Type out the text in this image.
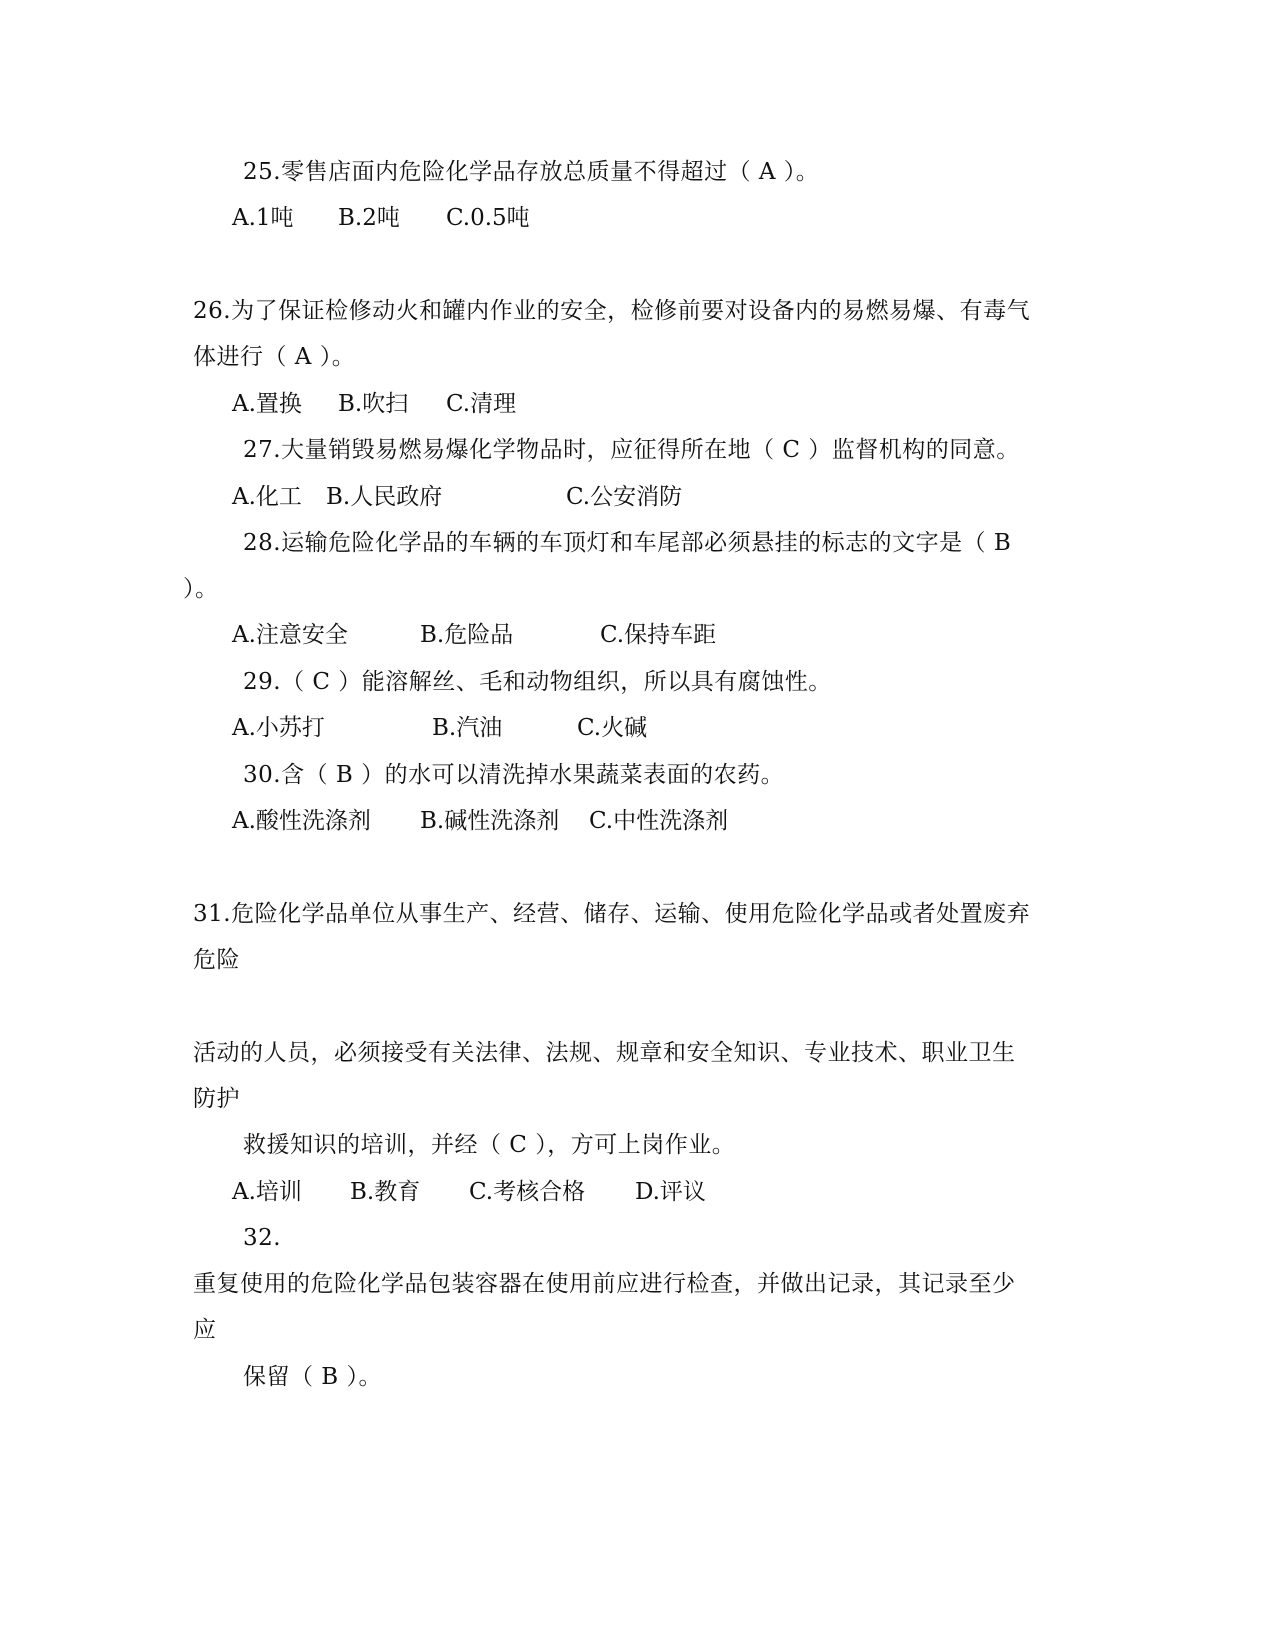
25.零售店面内危险化学品存放总质量不得超过（ A ）。
A.1吨 B.2吨 C.0.5吨
26.为了保证检修动火和罐内作业的安全，检修前要对设备内的易燃易爆、有毒气
体进行（ A ）。
A.置换 B.吹扫 C.清理
27.大量销毁易燃易爆化学物品时，应征得所在地（ C ）监督机构的同意。
A.化工 B.人民政府	C.公安消防
28.运输危险化学品的车辆的车顶灯和车尾部必须悬挂的标志的文字是（ B
）。
A.注意安全	B.危险品	C.保持车距
29.（ C ）能溶解丝、毛和动物组织，所以具有腐蚀性。
A.小苏打	B.汽油	C.火碱
30.含（ B ）的水可以清洗掉水果蔬菜表面的农药。
A.酸性洗涤剂 B.碱性洗涤剂 C.中性洗涤剂
31.危险化学品单位从事生产、经营、储存、运输、使用危险化学品或者处置废弃
危险
活动的人员，必须接受有关法律、法规、规章和安全知识、专业技术、职业卫生
防护
救援知识的培训，并经（ C ），方可上岗作业。
A.培训 B.教育 C.考核合格 D.评议
32.
重复使用的危险化学品包装容器在使用前应进行检查，并做出记录，其记录至少
应
保留（ B ）。
